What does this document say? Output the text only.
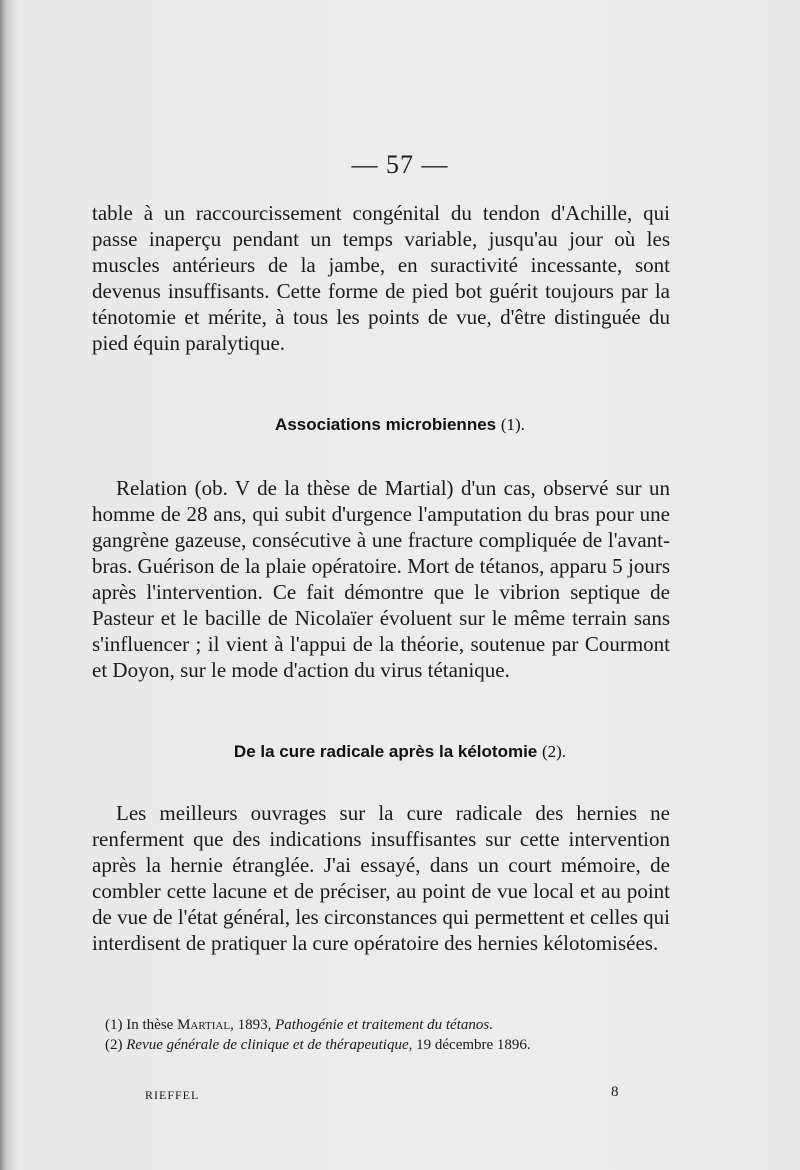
— 57 —

table à un raccourcissement congénital du tendon d'Achille, qui passe inaperçu pendant un temps variable, jusqu'au jour où les muscles antérieurs de la jambe, en suractivité incessante, sont devenus insuffisants. Cette forme de pied bot guérit toujours par la ténotomie et mérite, à tous les points de vue, d'être distinguée du pied équin paralytique.

Associations microbiennes (1).

Relation (ob. V de la thèse de Martial) d'un cas, observé sur un homme de 28 ans, qui subit d'urgence l'amputation du bras pour une gangrène gazeuse, consécutive à une fracture compliquée de l'avant-bras. Guérison de la plaie opératoire. Mort de tétanos, apparu 5 jours après l'intervention. Ce fait démontre que le vibrion septique de Pasteur et le bacille de Nicolaïer évoluent sur le même terrain sans s'influencer ; il vient à l'appui de la théorie, soutenue par Courmont et Doyon, sur le mode d'action du virus tétanique.

De la cure radicale après la kélotomie (2).

Les meilleurs ouvrages sur la cure radicale des hernies ne renferment que des indications insuffisantes sur cette intervention après la hernie étranglée. J'ai essayé, dans un court mémoire, de combler cette lacune et de préciser, au point de vue local et au point de vue de l'état général, les circonstances qui permettent et celles qui interdisent de pratiquer la cure opératoire des hernies kélotomisées.

(1) In thèse Martial, 1893, Pathogénie et traitement du tétanos.
(2) Revue générale de clinique et de thérapeutique, 19 décembre 1896.
RIEFFEL	8
